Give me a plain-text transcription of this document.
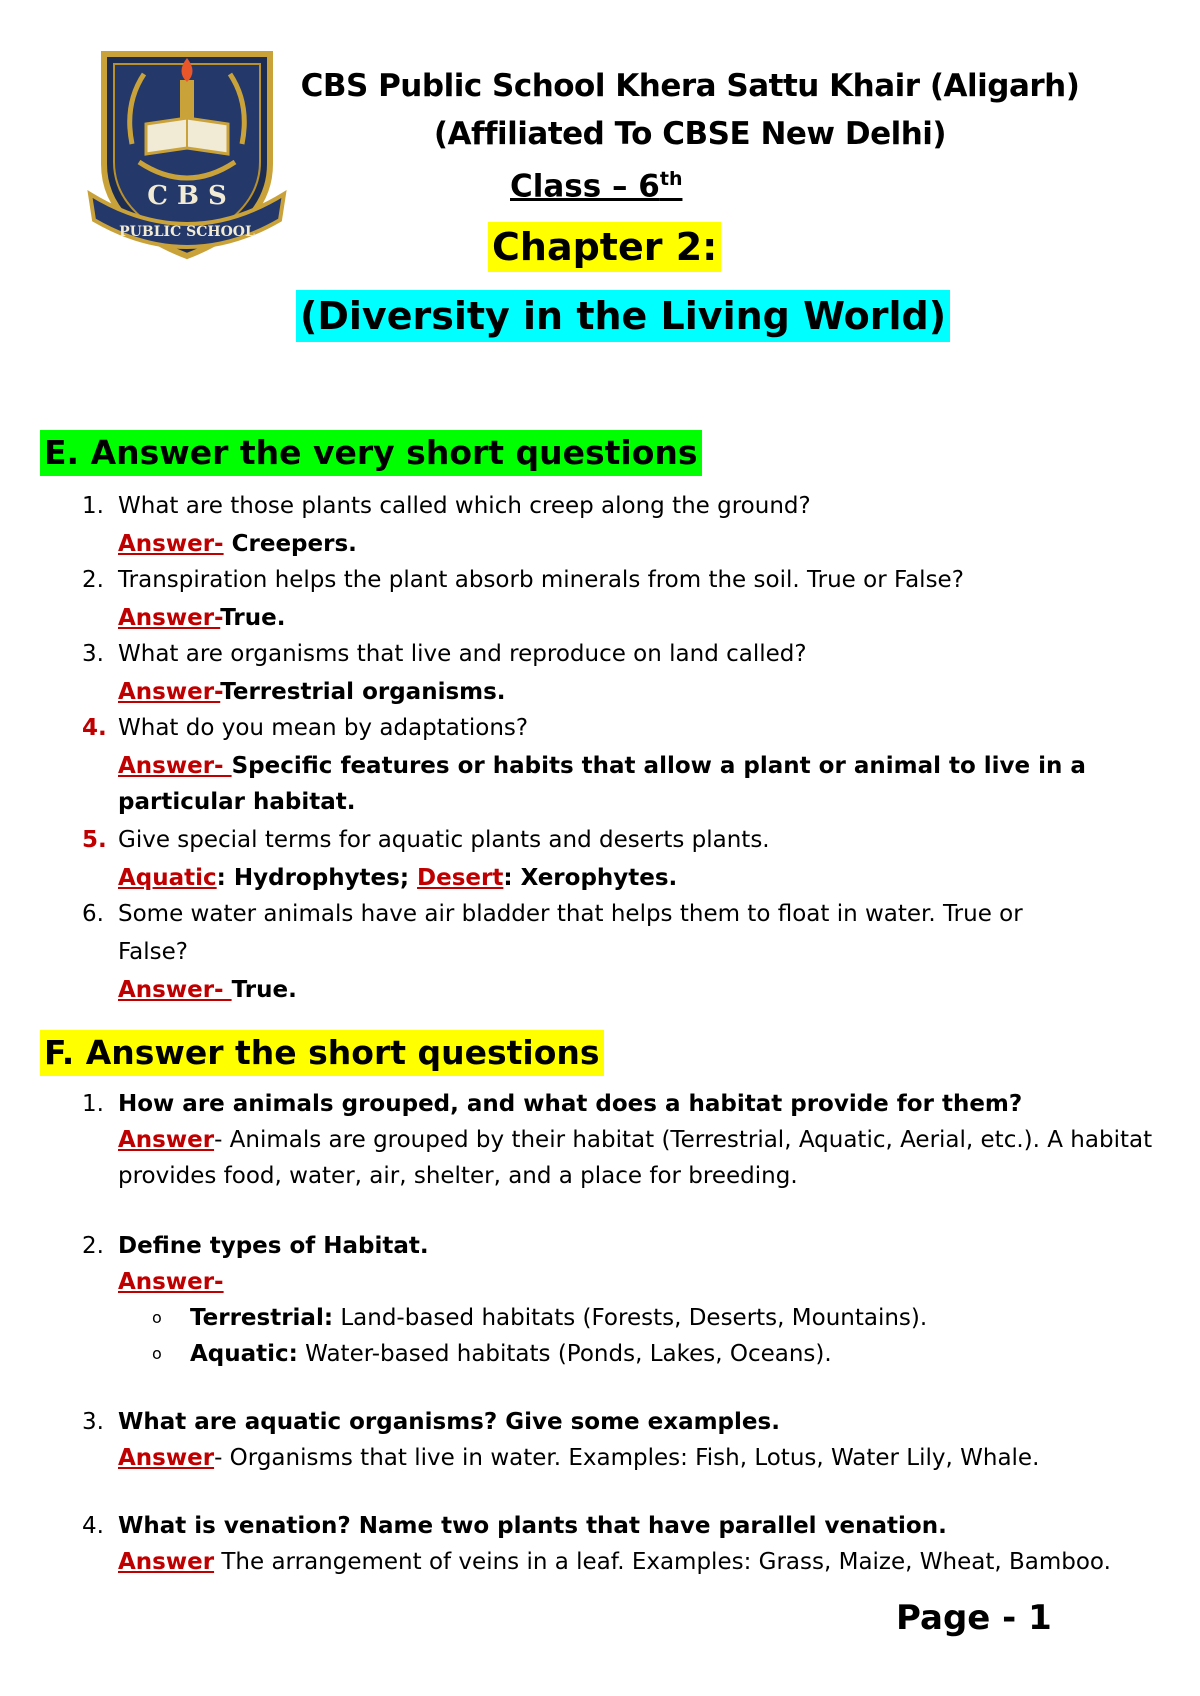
C B S
PUBLIC SCHOOL
CBS Public School Khera Sattu Khair (Aligarh)
(Affiliated To CBSE New Delhi)
Class – 6th
Chapter 2:
(Diversity in the Living World)
E. Answer the very short questions
1. What are those plants called which creep along the ground?
Answer- Creepers.
2. Transpiration helps the plant absorb minerals from the soil. True or False?
Answer-True.
3. What are organisms that live and reproduce on land called?
Answer-Terrestrial organisms.
4. What do you mean by adaptations?
Answer- Specific features or habits that allow a plant or animal to live in a
particular habitat.
5. Give special terms for aquatic plants and deserts plants.
Aquatic: Hydrophytes; Desert: Xerophytes.
6. Some water animals have air bladder that helps them to float in water. True or
False?
Answer- True.
F. Answer the short questions
1. How are animals grouped, and what does a habitat provide for them?
Answer- Animals are grouped by their habitat (Terrestrial, Aquatic, Aerial, etc.). A habitat
provides food, water, air, shelter, and a place for breeding.
2. Define types of Habitat.
Answer-
o Terrestrial: Land-based habitats (Forests, Deserts, Mountains).
o Aquatic: Water-based habitats (Ponds, Lakes, Oceans).
3. What are aquatic organisms? Give some examples.
Answer- Organisms that live in water. Examples: Fish, Lotus, Water Lily, Whale.
4. What is venation? Name two plants that have parallel venation.
Answer The arrangement of veins in a leaf. Examples: Grass, Maize, Wheat, Bamboo.
Page - 1
